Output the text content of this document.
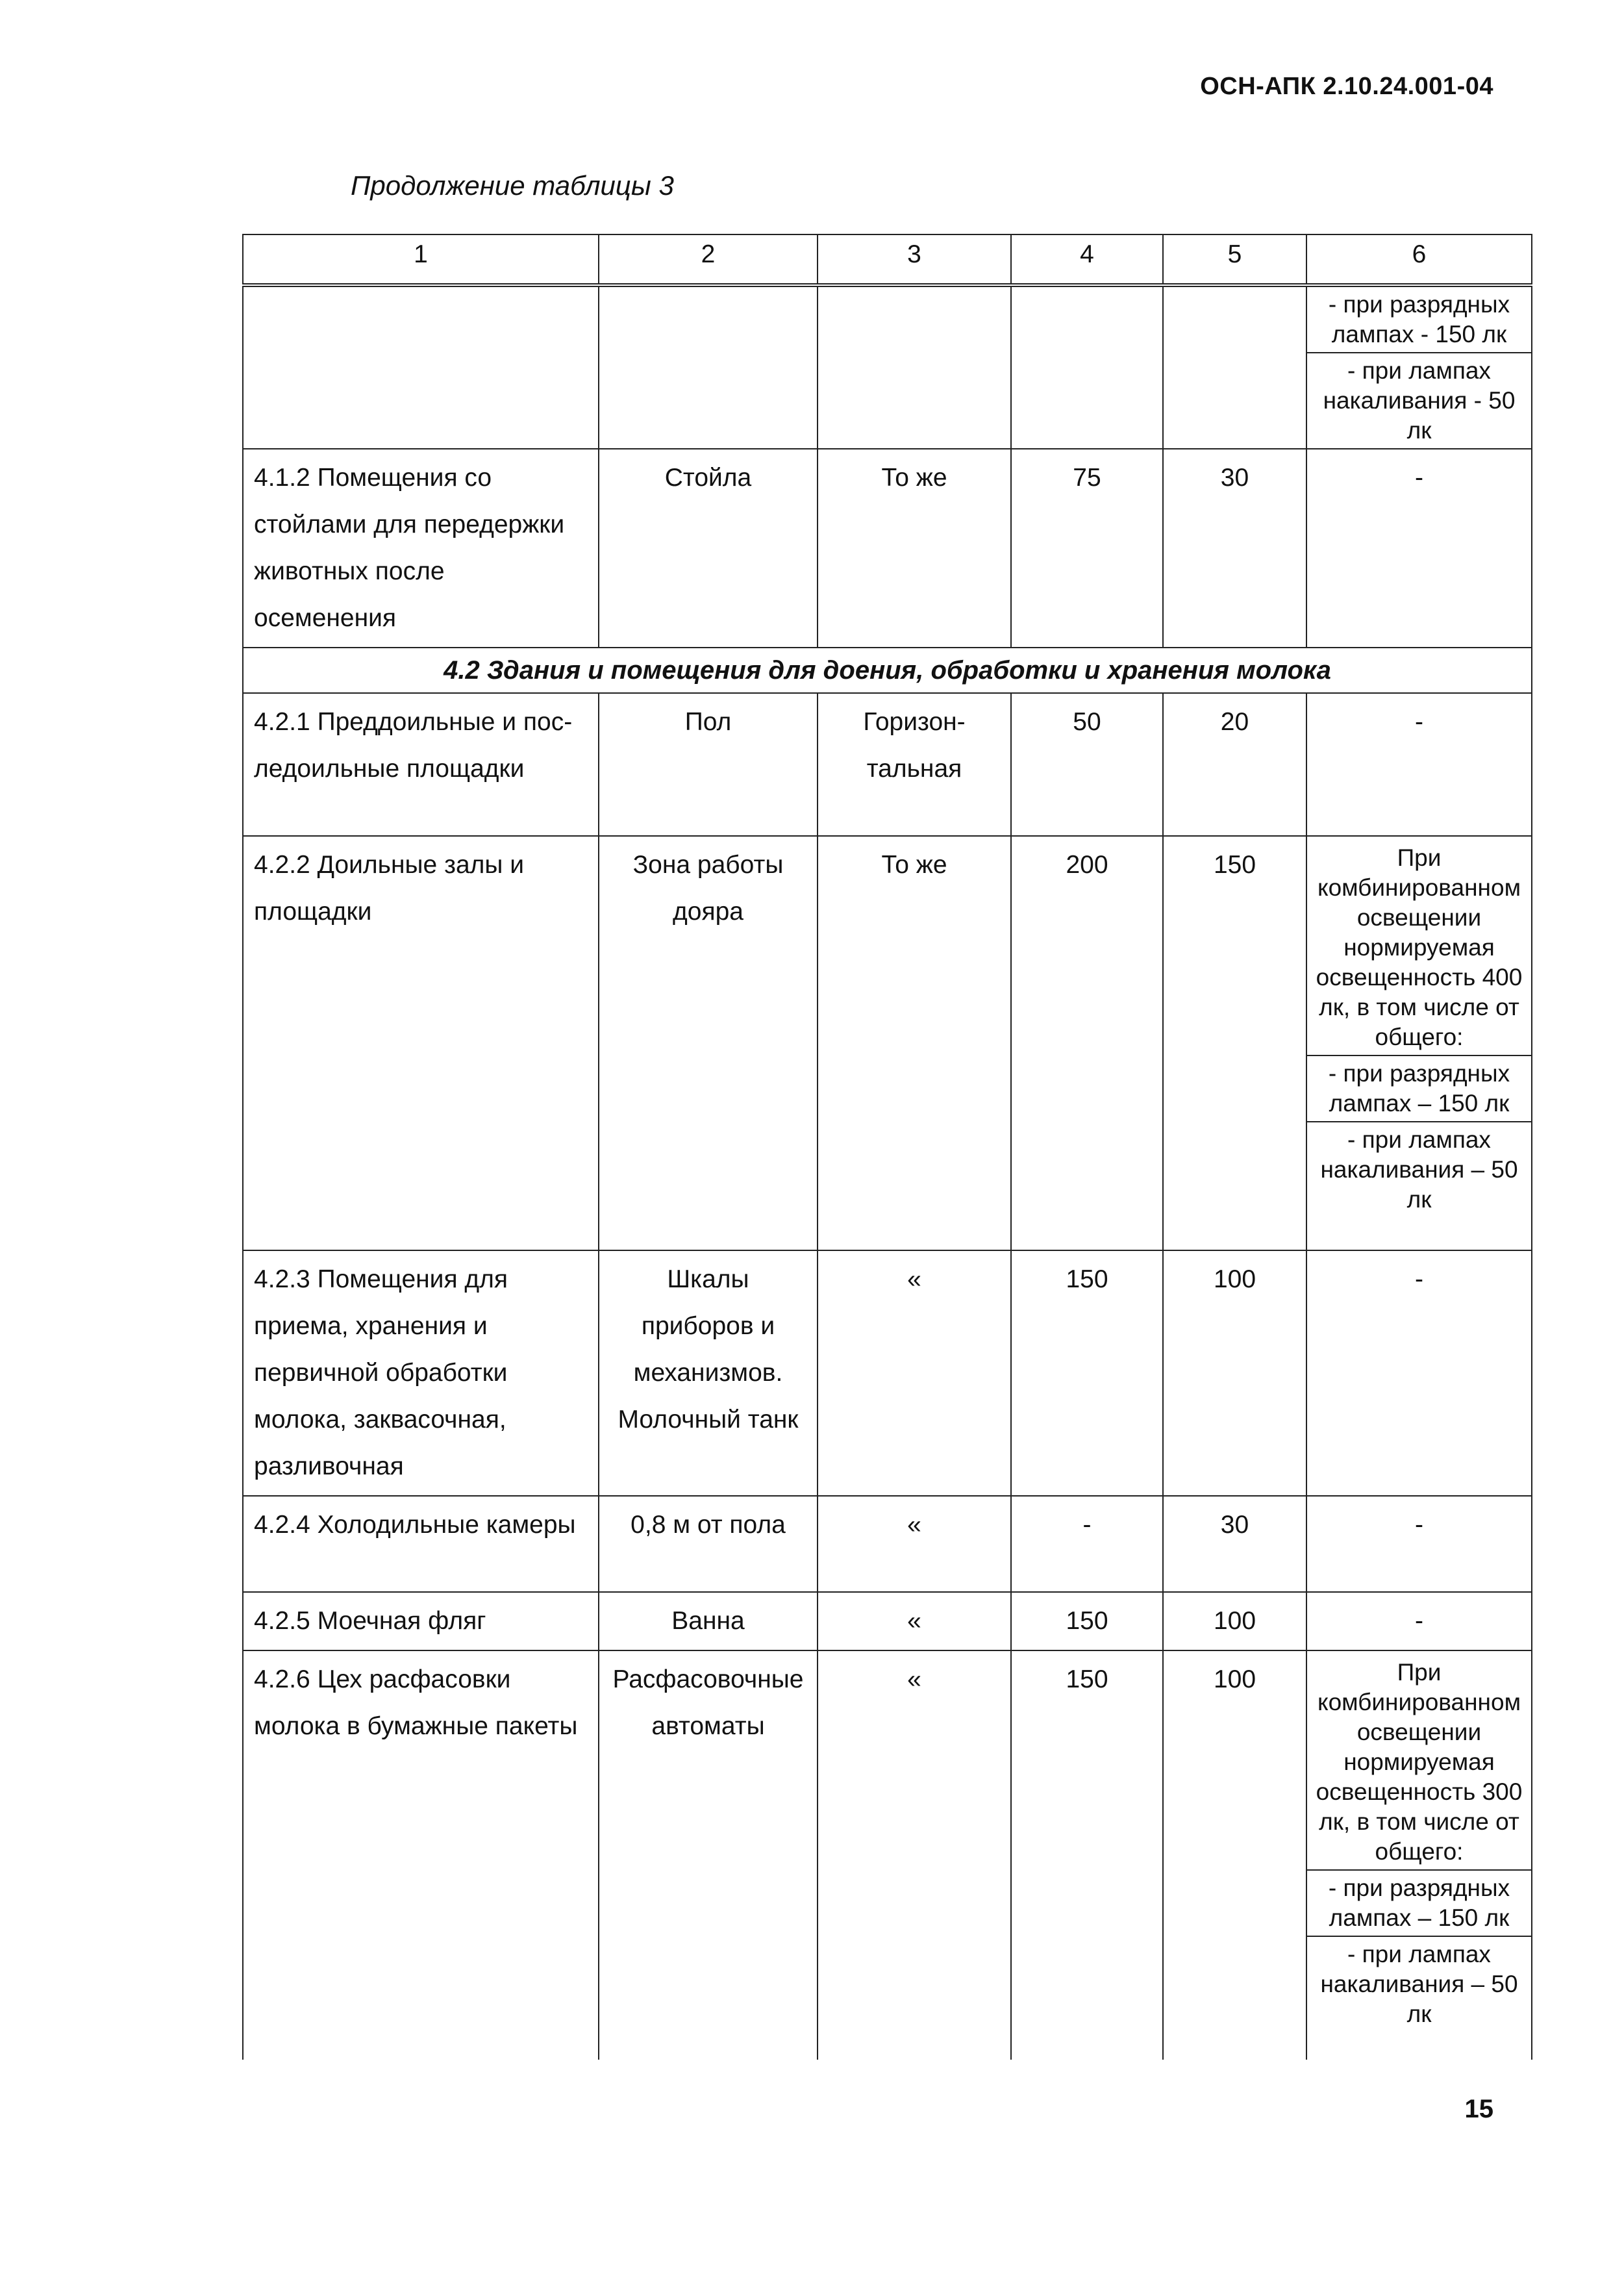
ОСН-АПК 2.10.24.001-04
Продолжение таблицы 3
1	2	3	4	5	6

					- при разрядных лампах - 150 лк
- при лампах накаливания - 50 лк

4.1.2 Помещения со стойлами для передержки животных после осеменения	Стойла	То же	75	30	-
4.2 Здания и помещения для доения, обработки и хранения молока					
4.2.1 Преддоильные и пос-ледоильные площадки	Пол	Горизон-тальная	50	20	-
4.2.2 Доильные залы и площадки	Зона работы дояра	То же	200	150	При комбинированном освещении нормируемая освещенность 400 лк, в том числе от общего:
- при разрядных лампах – 150 лк
- при лампах накаливания – 50 лк

4.2.3 Помещения для приема, хранения и первичной обработки молока, заквасочная, разливочная	Шкалы приборов и механизмов. Молочный танк	«	150	100	-
4.2.4 Холодильные камеры	0,8 м от пола	«	-	30	-
4.2.5 Моечная фляг	Ванна	«	150	100	-
4.2.6 Цех расфасовки молока в бумажные пакеты	Расфасовочные автоматы	«	150	100	При комбинированном освещении нормируемая освещенность 300 лк, в том числе от общего:
- при разрядных лампах – 150 лк
- при лампах накаливания – 50 лк
15
